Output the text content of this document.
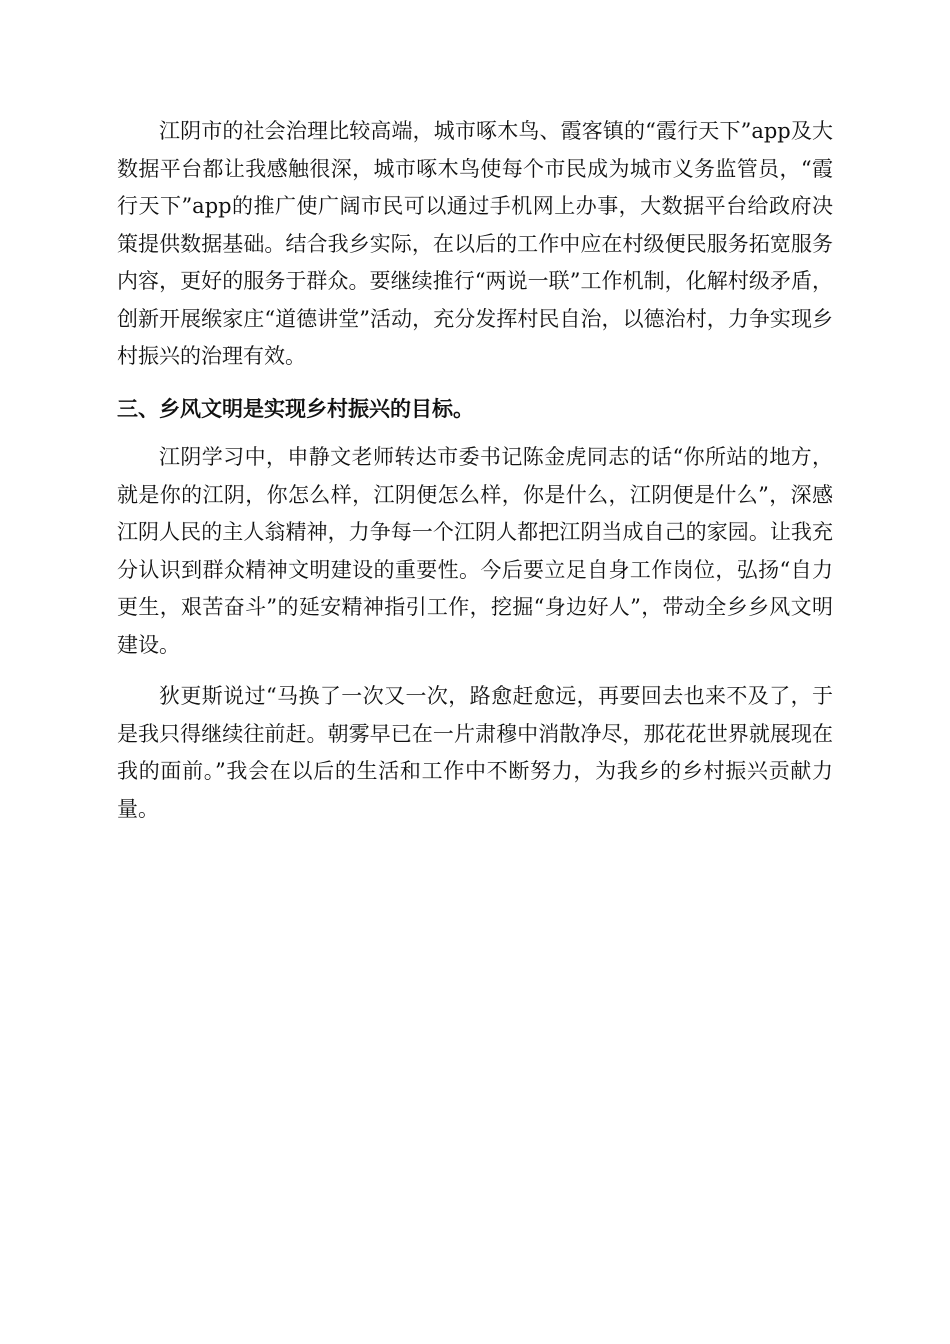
江阴市的社会治理比较高端，城市啄木鸟、霞客镇的“霞行天下”app及大数据平台都让我感触很深，城市啄木鸟使每个市民成为城市义务监管员，“霞行天下”app的推广使广阔市民可以通过手机网上办事，大数据平台给政府决策提供数据基础。结合我乡实际，在以后的工作中应在村级便民服务拓宽服务内容，更好的服务于群众。要继续推行“两说一联”工作机制，化解村级矛盾，创新开展缑家庄“道德讲堂”活动，充分发挥村民自治，以德治村，力争实现乡村振兴的治理有效。

三、乡风文明是实现乡村振兴的目标。

江阴学习中，申静文老师转达市委书记陈金虎同志的话“你所站的地方，就是你的江阴，你怎么样，江阴便怎么样，你是什么，江阴便是什么”，深感江阴人民的主人翁精神，力争每一个江阴人都把江阴当成自己的家园。让我充分认识到群众精神文明建设的重要性。今后要立足自身工作岗位，弘扬“自力更生，艰苦奋斗”的延安精神指引工作，挖掘“身边好人”，带动全乡乡风文明建设。

狄更斯说过“马换了一次又一次，路愈赶愈远，再要回去也来不及了，于是我只得继续往前赶。朝雾早已在一片肃穆中消散净尽，那花花世界就展现在我的面前。”我会在以后的生活和工作中不断努力，为我乡的乡村振兴贡献力量。
